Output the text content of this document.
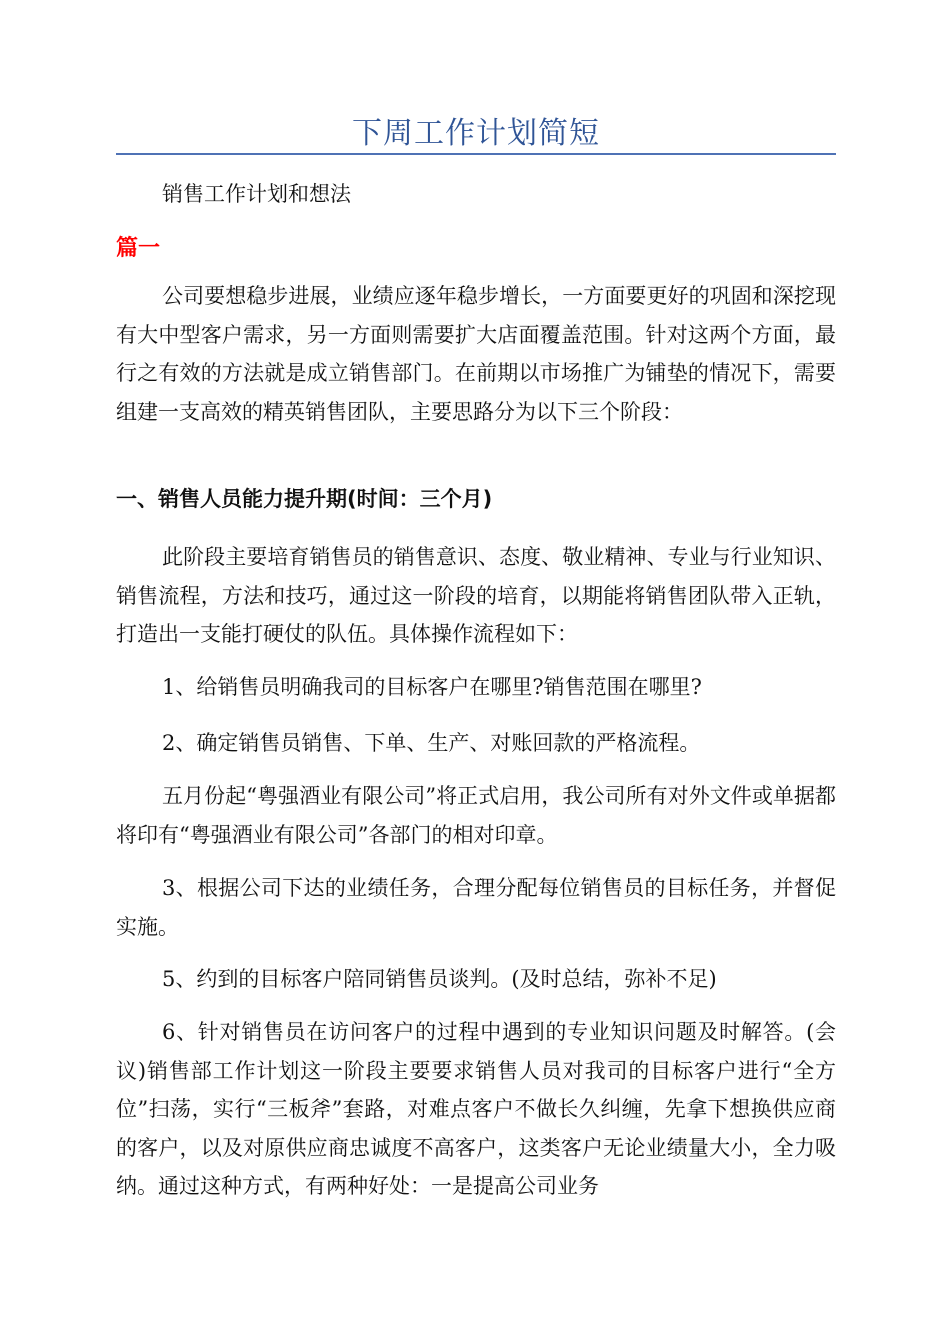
下周工作计划简短
销售工作计划和想法
篇一
公司要想稳步进展，业绩应逐年稳步增长，一方面要更好的巩固和深挖现有大中型客户需求，另一方面则需要扩大店面覆盖范围。针对这两个方面，最行之有效的方法就是成立销售部门。在前期以市场推广为铺垫的情况下，需要组建一支高效的精英销售团队，主要思路分为以下三个阶段：
一、销售人员能力提升期(时间：三个月)
此阶段主要培育销售员的销售意识、态度、敬业精神、专业与行业知识、销售流程，方法和技巧，通过这一阶段的培育，以期能将销售团队带入正轨，打造出一支能打硬仗的队伍。具体操作流程如下：
1、给销售员明确我司的目标客户在哪里?销售范围在哪里?
2、确定销售员销售、下单、生产、对账回款的严格流程。
五月份起“粤强酒业有限公司”将正式启用，我公司所有对外文件或单据都将印有“粤强酒业有限公司”各部门的相对印章。
3、根据公司下达的业绩任务，合理分配每位销售员的目标任务，并督促实施。
5、约到的目标客户陪同销售员谈判。(及时总结，弥补不足)
6、针对销售员在访问客户的过程中遇到的专业知识问题及时解答。(会议)销售部工作计划这一阶段主要要求销售人员对我司的目标客户进行“全方位”扫荡，实行“三板斧”套路，对难点客户不做长久纠缠，先拿下想换供应商的客户，以及对原供应商忠诚度不高客户，这类客户无论业绩量大小，全力吸纳。通过这种方式，有两种好处：一是提高公司业务
